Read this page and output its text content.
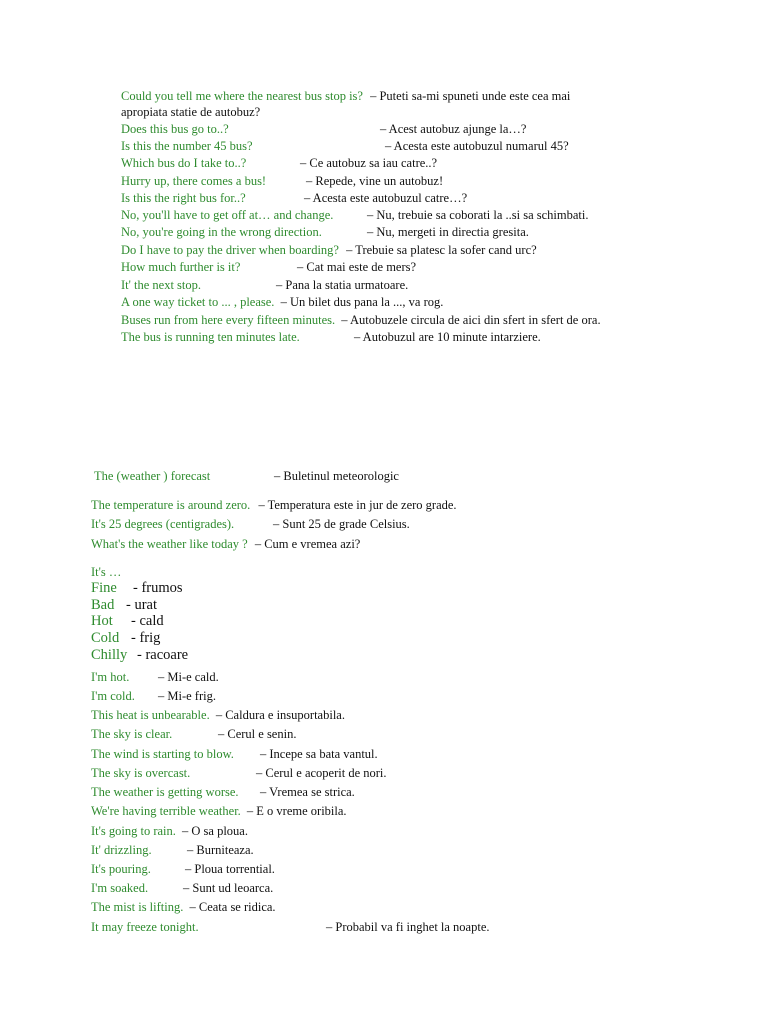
Could you tell me where the nearest bus stop is? – Puteti sa-mi spuneti unde este cea mai
apropiata statie de autobuz?
Does this bus go to..?	– Acest autobuz ajunge la…?
Is this the number 45 bus?	– Acesta este autobuzul numarul 45?
Which bus do I take to..?	– Ce autobuz sa iau catre..?
Hurry up, there comes a bus!	– Repede, vine un autobuz!
Is this the right bus for..?	– Acesta este autobuzul catre…?
No, you'll have to get off at… and change.	– Nu, trebuie sa coborati la ..si sa schimbati.
No, you're going in the wrong direction.	– Nu, mergeti in directia gresita.
Do I have to pay the driver when boarding? – Trebuie sa platesc la sofer cand urc?
How much further is it?	– Cat mai este de mers?
It' the next stop.	– Pana la statia urmatoare.
A one way ticket to ... , please. – Un bilet dus pana la ..., va rog.
Buses run from here every fifteen minutes. – Autobuzele circula de aici din sfert in sfert de ora.
The bus is running ten minutes late.	– Autobuzul are 10 minute intarziere.
The (weather ) forecast	– Buletinul meteorologic
The temperature is around zero. – Temperatura este in jur de zero grade.
It's 25 degrees (centigrades).	– Sunt 25 de grade Celsius.
What's the weather like today ? – Cum e vremea azi?
It's …
Fine - frumos
Bad - urat
Hot - cald
Cold - frig
Chilly - racoare
I'm hot. – Mi-e cald.
I'm cold. – Mi-e frig.
This heat is unbearable. – Caldura e insuportabila.
The sky is clear.	– Cerul e senin.
The wind is starting to blow. – Incepe sa bata vantul.
The sky is overcast.	– Cerul e acoperit de nori.
The weather is getting worse. – Vremea se strica.
We're having terrible weather. – E o vreme oribila.
It's going to rain. – O sa ploua.
It' drizzling.	– Burniteaza.
It's pouring.	– Ploua torrential.
I'm soaked.	– Sunt ud leoarca.
The mist is lifting. – Ceata se ridica.
It may freeze tonight.	– Probabil va fi inghet la noapte.
